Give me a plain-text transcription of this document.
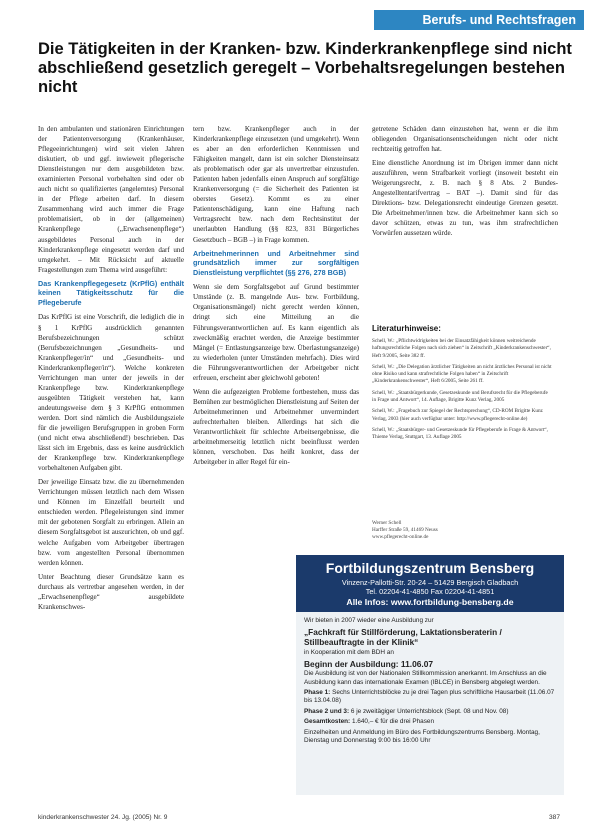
Berufs- und Rechtsfragen
Die Tätigkeiten in der Kranken- bzw. Kinderkrankenpflege sind nicht abschließend gesetzlich geregelt – Vorbehaltsregelungen bestehen nicht

In den ambulanten und stationären Einrichtungen der Patientenversorgung (Krankenhäuser, Pflegeeinrichtungen) wird seit vielen Jahren diskutiert, ob und ggf. inwieweit pflegerische Dienstleistungen nur dem ausgebildeten bzw. examinierten Personal vorbehalten sind oder ob auch nicht so qualifiziertes (angelerntes) Personal in der Pflege arbeiten darf. In diesem Zusammenhang wird auch immer die Frage problematisiert, ob in der (allgemeinen) Krankenpflege („Erwachsenenpflege“) ausgebildetes Personal auch in der Kinderkrankenpflege eingesetzt werden darf und umgekehrt. – Mit Rücksicht auf aktuelle Fragestellungen zum Thema wird ausgeführt:

Das Krankenpflegegesetz (KrPflG) enthält keinen Tätigkeitsschutz für die Pflegeberufe

Das KrPflG ist eine Vorschrift, die lediglich die in § 1 KrPflG ausdrücklich genannten Berufsbezeichnungen schützt (Berufsbezeichnungen „Gesundheits- und Krankenpfleger/in“ und „Gesundheits- und Kinderkrankenpfleger/in“). Welche konkreten Verrichtungen man unter der jeweils in der Krankenpflege bzw. Kinderkrankenpflege ausgeübten Tätigkeit verstehen hat, kann andeutungsweise dem § 3 KrPflG entnommen werden. Dort sind nämlich die Ausbildungsziele für die jeweiligen Berufsgruppen in groben Form (und nicht etwa abschließend!) beschrieben. Das lässt sich im Ergebnis, dass es keine ausdrücklich der Krankenpflege bzw. Kinderkrankenpflege vorbehaltenen Aufgaben gibt.

Der jeweilige Einsatz bzw. die zu übernehmenden Verrichtungen müssen letztlich nach dem Wissen und Können im Einzelfall beurteilt und entschieden werden. Pflegeleistungen sind immer mit der gebotenen Sorgfalt zu erbringen. Allein an diesem Sorgfaltsgebot ist auszurichten, ob und ggf. welche Aufgaben vom Arbeitgeber übertragen bzw. vom angestellten Personal übernommen werden können.

Unter Beachtung dieser Grundsätze kann es durchaus als vertretbar angesehen werden, in der „Erwachsenenpflege“ ausgebildete Krankenschwes-

tern bzw. Krankenpfleger auch in der Kinderkrankenpflege einzusetzen (und umgekehrt). Wenn es aber an den erforderlichen Kenntnissen und Fähigkeiten mangelt, dann ist ein solcher Diensteinsatz als problematisch oder gar als unvertretbar einzustufen. Patienten haben jedenfalls einen Anspruch auf sorgfältige Krankenversorgung (= die Sicherheit des Patienten ist oberstes Gesetz). Kommt es zu einer Patientenschädigung, kann eine Haftung nach Vertragsrecht bzw. nach dem Rechtsinstitut der unerlaubten Handlung (§§ 823, 831 Bürgerliches Gesetzbuch – BGB –) in Frage kommen.

Arbeitnehmerinnen und Arbeitnehmer sind grundsätzlich immer zur sorgfältigen Dienstleistung verpflichtet (§§ 276, 278 BGB)

Wenn sie dem Sorgfaltsgebot auf Grund bestimmter Umstände (z. B. mangelnde Aus- bzw. Fortbildung, Organisationsmängel) nicht gerecht werden können, dringt sich eine Mitteilung an die Führungsverantwortlichen auf. Es kann eigentlich als zweckmäßig erachtet werden, die Anzeige bestimmter Mängel (= Entlastungsanzeige bzw. Überlastungsanzeige) zu wiederholen (unter Umständen mehrfach). Dies wird die Führungsverantwortlichen der Arbeitgeber nicht erfreuen, erscheint aber gleichwohl geboten!

Wenn die aufgezeigten Probleme fortbestehen, muss das Bemühen zur bestmöglichen Dienstleistung auf Seiten der Arbeitnehmerinnen und Arbeitnehmer unvermindert aufrechterhalten bleiben. Allerdings hat sich die Verantwortlichkeit für schlechte Arbeitsergebnisse, die arbeitnehmerseitig letztlich nicht beeinflusst werden können, verschoben. Das heißt konkret, dass der Arbeitgeber in aller Regel für ein-

getretene Schäden dann einzustehen hat, wenn er die ihm obliegenden Organisationsentscheidungen nicht oder nicht rechtzeitig getroffen hat.

Eine dienstliche Anordnung ist im Übrigen immer dann nicht auszuführen, wenn Strafbarkeit vorliegt (insoweit besteht ein Weigerungsrecht, z. B. nach § 8 Abs. 2 Bundes-Angestelltentarifvertrag – BAT –). Damit sind für das Direktions- bzw. Delegationsrecht eindeutige Grenzen gesetzt. Die Arbeitnehmer/innen bzw. die Arbeitnehmer kann sich so davor schützen, etwas zu tun, was ihm strafrechtlichen Vorwürfen aussetzen würde.

Literaturhinweise:

Schell, W.: „Pflichtwidrigkeiten bei der Einsatzfähigkeit können weitreichende haftungsrechtliche Folgen nach sich ziehen“ in Zeitschrift „Kinderkrankenschwester“, Heft 9/2005, Seite 382 ff.

Schell, W.: „Die Delegation ärztlicher Tätigkeiten an nicht ärztliches Personal ist nicht ohne Risiko und kann strafrechtliche Folgen haben“ in Zeitschrift „Kinderkrankenschwester“, Heft 6/2005, Seite 261 ff.

Schell, W.: „Staatsbürgerkunde, Gesetzeskunde und Berufsrecht für die Pflegeberufe in Frage und Antwort“, 14. Auflage, Brigitte Kunz Verlag, 2005

Schell, W.: „Fragebuch zur Spiegel der Rechtsprechung“, CD-ROM Brigitte Kunz Verlag, 2003 (hier auch verfügbar unter: http://www.pflegerecht-online.de)

Schell, W.: „Staatsbürger- und Gesetzeskunde für Pflegeberufe in Frage & Antwort“, Thieme Verlag, Stuttgart, 13. Auflage 2005

Werner Schell

Harffer Straße 59, 41469 Neuss

www.pflegerecht-online.de

Fortbildungszentrum Bensberg
Vinzenz-Pallotti-Str. 20-24 – 51429 Bergisch Gladbach
Tel. 02204-41-4850 Fax 02204-41-4851
Alle Infos: www.fortbildung-bensberg.de

Wir bieten in 2007 wieder eine Ausbildung zur

„Fachkraft für Stillförderung, Laktationsberaterin / Stillbeauftragte in der Klinik“

in Kooperation mit dem BDH an

Beginn der Ausbildung: 11.06.07

Die Ausbildung ist von der Nationalen Stillkommission anerkannt. Im Anschluss an die Ausbildung kann das internationale Examen (IBLCE) in Bensberg abgelegt werden.

Phase 1: Sechs Unterrichtsblöcke zu je drei Tagen plus schriftliche Hausarbeit (11.06.07 bis 13.04.08)

Phase 2 und 3: 6 je zweitägiger Unterrichtsblock (Sept. 08 und Nov. 08)

Gesamtkosten: 1.640,– € für die drei Phasen

Einzelheiten und Anmeldung im Büro des Fortbildungszentrums Bensberg. Montag, Dienstag und Donnerstag 9:00 bis 16:00 Uhr

kinderkrankenschwester 24. Jg. (2005) Nr. 9	387
